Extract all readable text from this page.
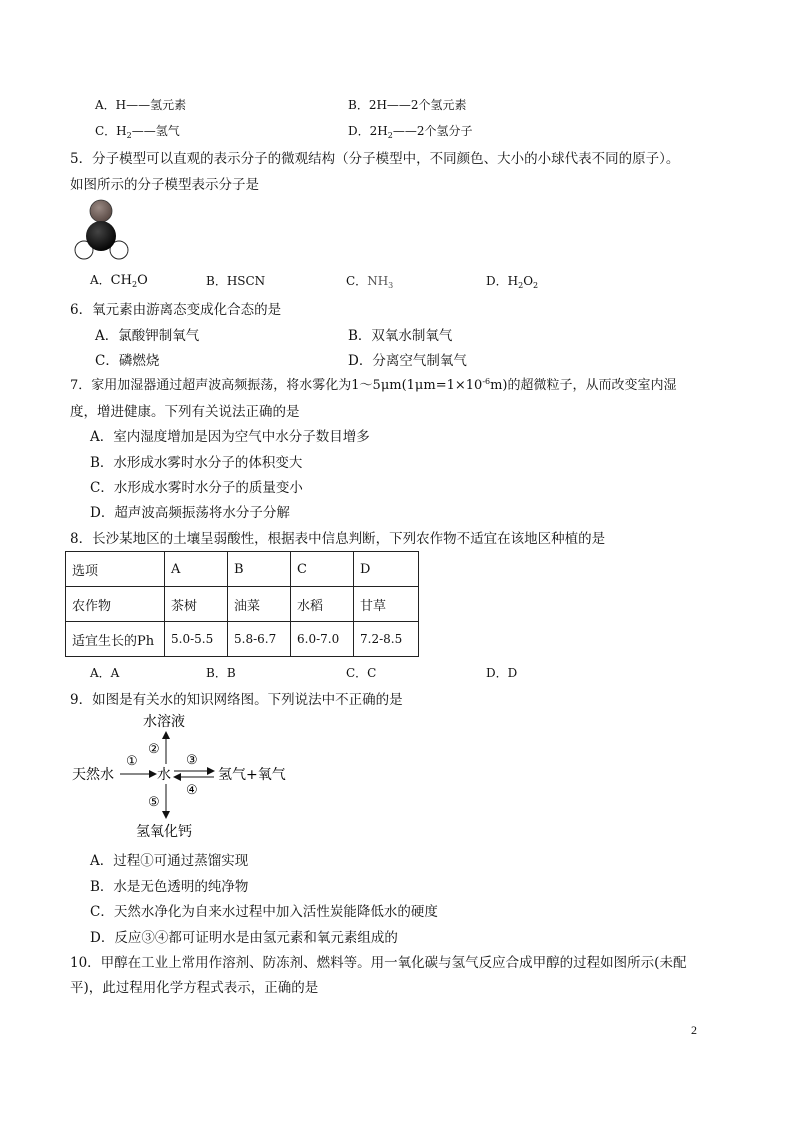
A．H——氢元素	B．2H——2个氢元素
C．$H_2——$氢气	D．$2H_2——2$个氢分子
5．分子模型可以直观的表示分子的微观结构（分子模型中，不同颜色、大小的小球代表不同的原子）。
如图所示的分子模型表示分子是
A．$CH_2O$	B．HSCN	C．$NH_3$	D．$H_2O_2$
6．氧元素由游离态变成化合态的是
A．氯酸钾制氧气	B．双氧水制氧气
C．磷燃烧	D．分离空气制氧气
7．家用加湿器通过超声波高频振荡，将水雾化为$1\sim 5\mu m(1\mu m=1\times 10^{-6}m)$的超微粒子，从而改变室内湿
度，增进健康。下列有关说法正确的是
A．室内湿度增加是因为空气中水分子数目增多
B．水形成水雾时水分子的体积变大
C．水形成水雾时水分子的质量变小
D．超声波高频振荡将水分子分解
8．长沙某地区的土壤呈弱酸性，根据表中信息判断，下列农作物不适宜在该地区种植的是
选项	A	B	C	D
农作物	茶树	油菜	水稻	甘草
适宜生长的Ph	5.0-5.5	5.8-6.7	6.0-7.0	7.2-8.5
A．A	B．B	C．C	D．D
9．如图是有关水的知识网络图。下列说法中不正确的是
水溶液
天然水	水	氢气+氧气
氢氧化钙
①
②
③
④
⑤
A．过程①可通过蒸馏实现
B．水是无色透明的纯净物
C．天然水净化为自来水过程中加入活性炭能降低水的硬度
D．反应③④都可证明水是由氢元素和氧元素组成的
10．甲醇在工业上常用作溶剂、防冻剂、燃料等。用一氧化碳与氢气反应合成甲醇的过程如图所示(未配
平)，此过程用化学方程式表示，正确的是
2
